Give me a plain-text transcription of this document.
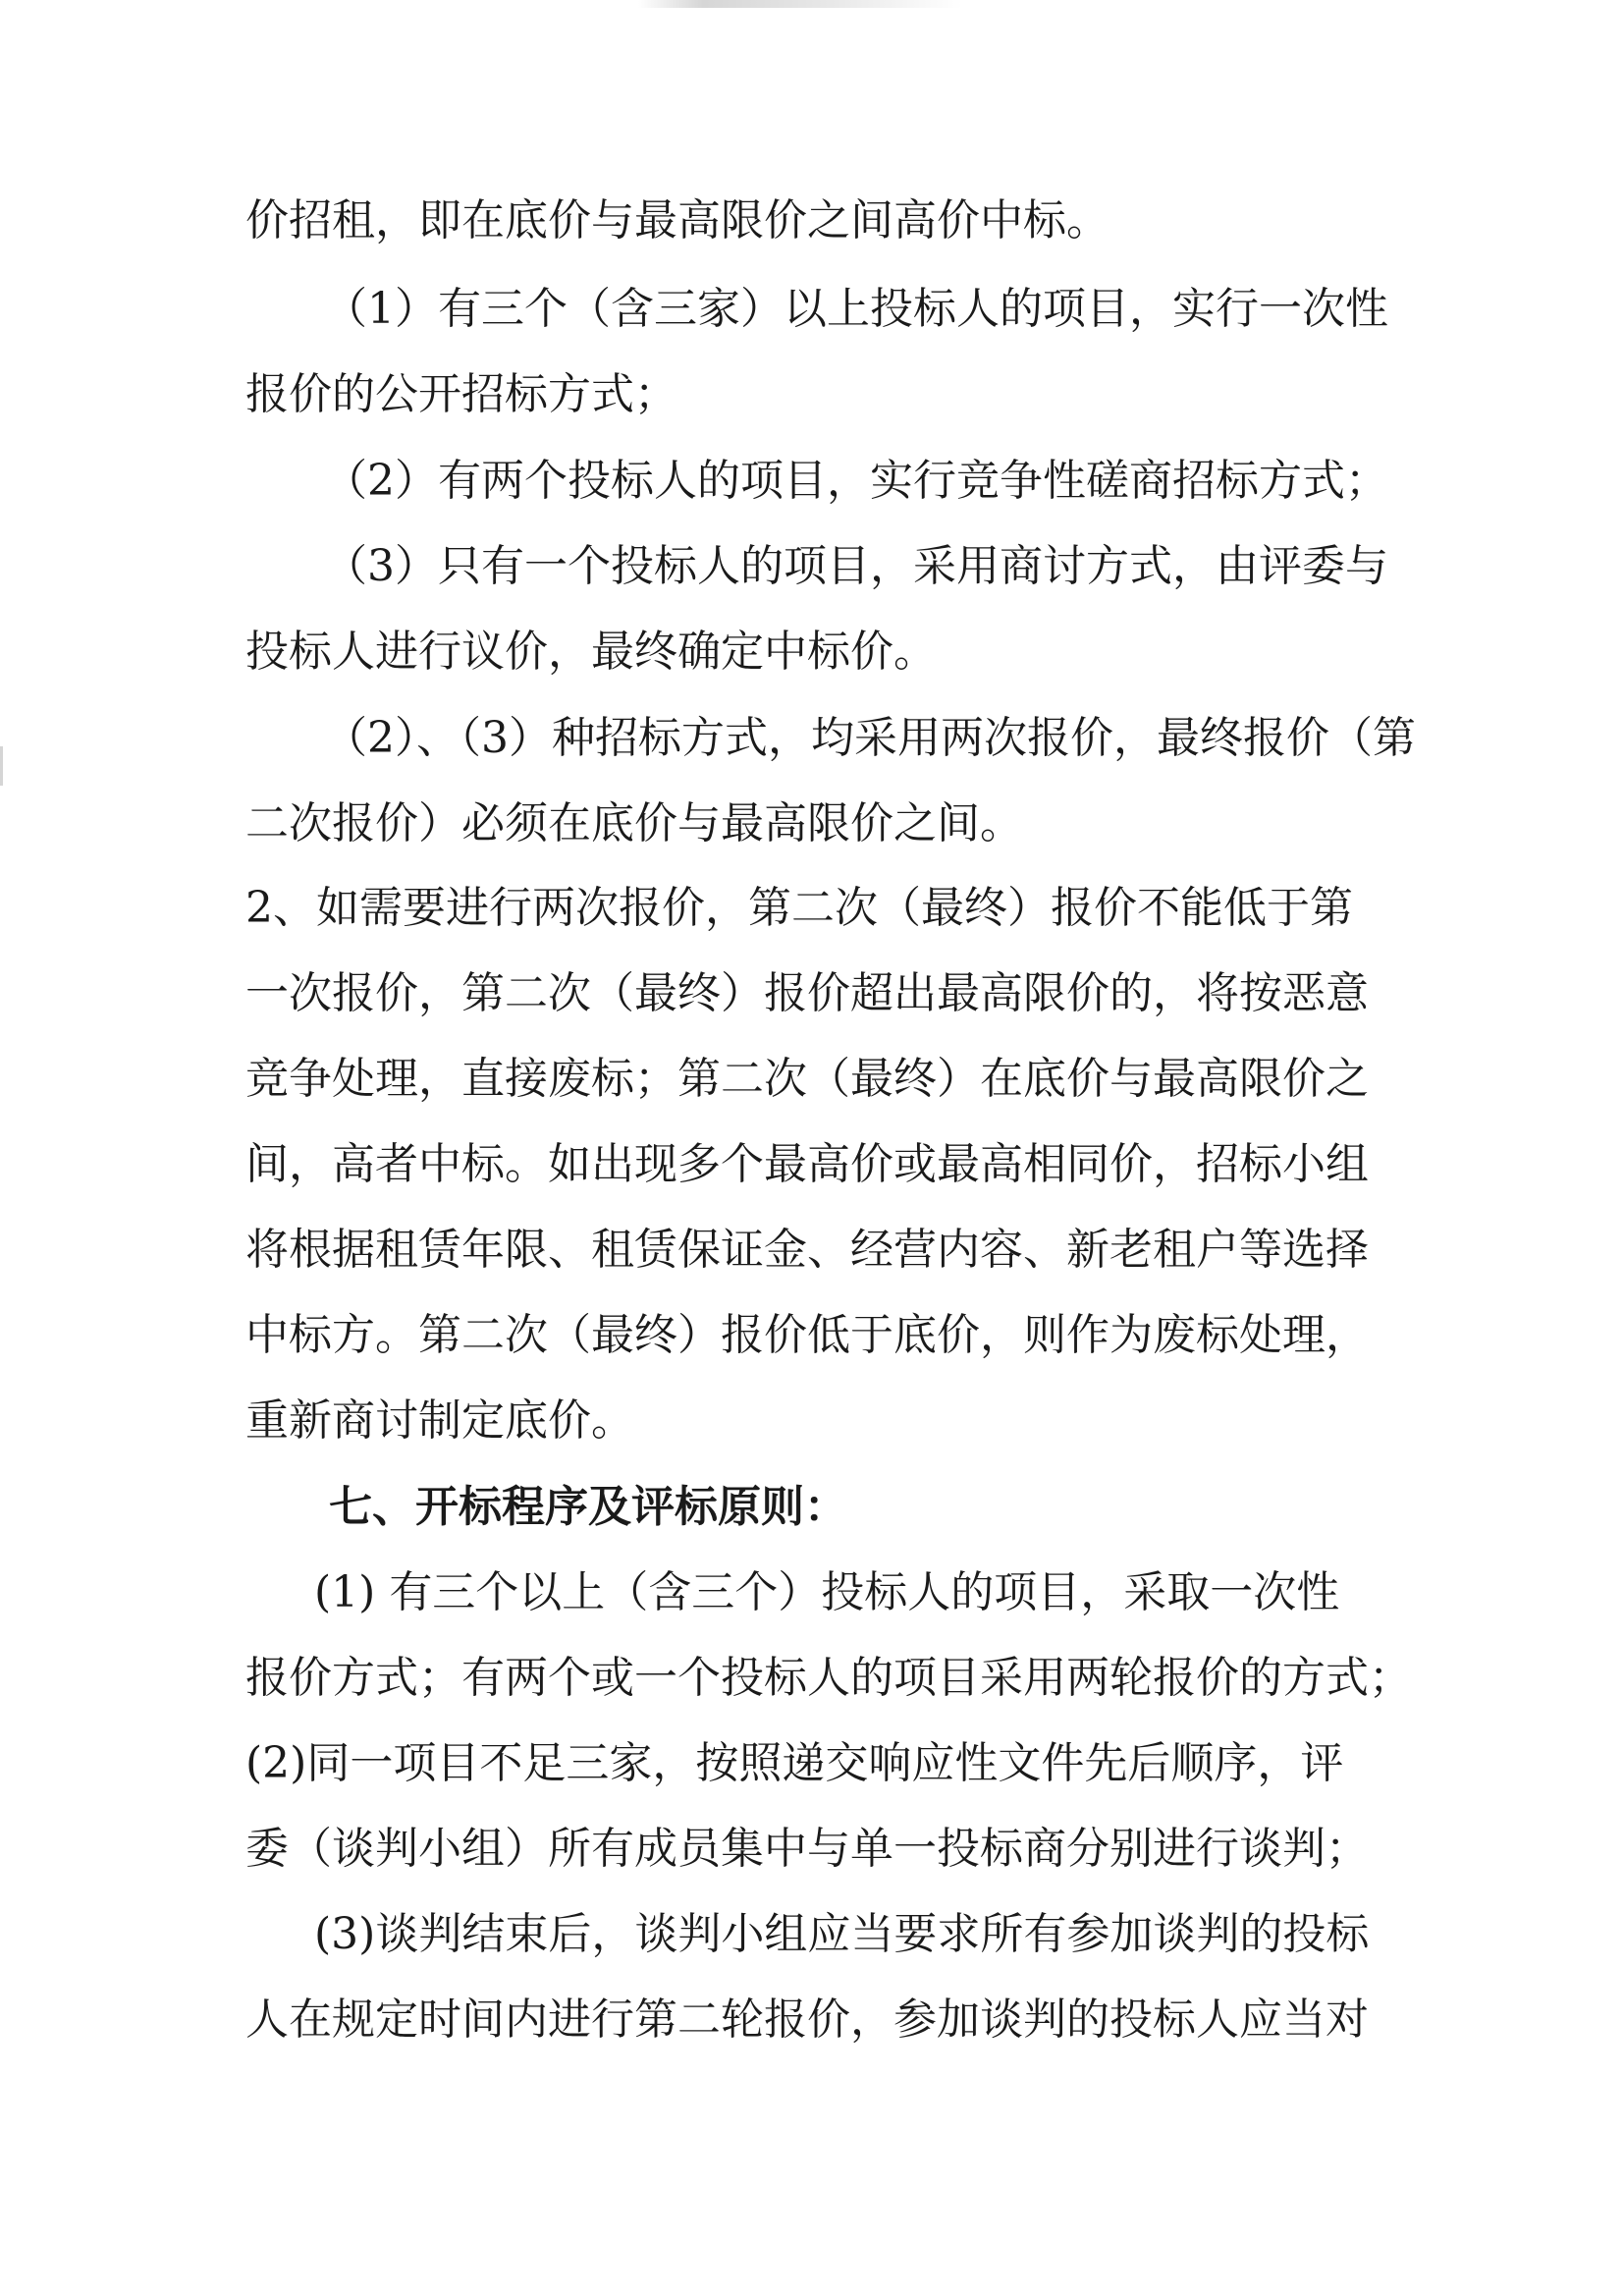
价招租，即在底价与最高限价之间高价中标。
（1）有三个（含三家）以上投标人的项目，实行一次性
报价的公开招标方式；
（2）有两个投标人的项目，实行竞争性磋商招标方式；
（3）只有一个投标人的项目，采用商讨方式，由评委与
投标人进行议价，最终确定中标价。
（2）、（3）种招标方式，均采用两次报价，最终报价（第
二次报价）必须在底价与最高限价之间。
2、如需要进行两次报价，第二次（最终）报价不能低于第
一次报价，第二次（最终）报价超出最高限价的，将按恶意
竞争处理，直接废标；第二次（最终）在底价与最高限价之
间，高者中标。如出现多个最高价或最高相同价，招标小组
将根据租赁年限、租赁保证金、经营内容、新老租户等选择
中标方。第二次（最终）报价低于底价，则作为废标处理，
重新商讨制定底价。
七、开标程序及评标原则：
(1) 有三个以上（含三个）投标人的项目，采取一次性
报价方式；有两个或一个投标人的项目采用两轮报价的方式；
(2)同一项目不足三家，按照递交响应性文件先后顺序，评
委（谈判小组）所有成员集中与单一投标商分别进行谈判；
(3)谈判结束后，谈判小组应当要求所有参加谈判的投标
人在规定时间内进行第二轮报价，参加谈判的投标人应当对
